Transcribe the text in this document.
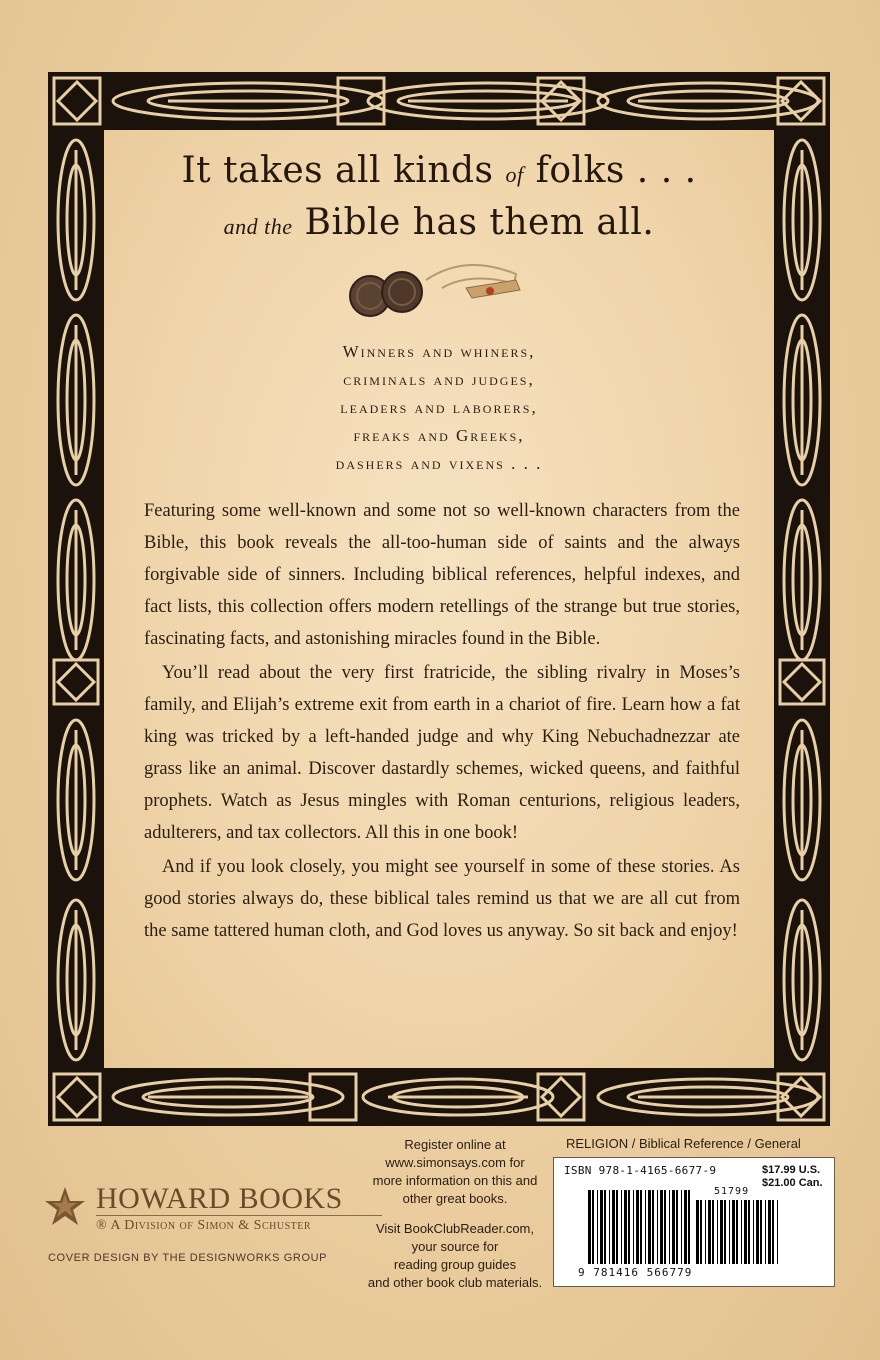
It takes all kinds of folks . . .
and the Bible has them all.
Winners and whiners,
criminals and judges,
leaders and laborers,
freaks and Greeks,
dashers and vixens . . .

Featuring some well-known and some not so well-known characters from the Bible, this book reveals the all-too-human side of saints and the always forgivable side of sinners. Including biblical references, helpful indexes, and fact lists, this collection offers modern retellings of the strange but true stories, fascinating facts, and astonishing miracles found in the Bible.

You’ll read about the very first fratricide, the sibling rivalry in Moses’s family, and Elijah’s extreme exit from earth in a chariot of fire. Learn how a fat king was tricked by a left-handed judge and why King Nebuchadnezzar ate grass like an animal. Discover dastardly schemes, wicked queens, and faithful prophets. Watch as Jesus mingles with Roman centurions, religious leaders, adulterers, and tax collectors. All this in one book!

And if you look closely, you might see yourself in some of these stories. As good stories always do, these biblical tales remind us that we are all cut from the same tattered human cloth, and God loves us anyway. So sit back and enjoy!

HOWARD BOOKS
® A Division of Simon & Schuster
COVER DESIGN BY THE DESIGNWORKS GROUP
Register online at
www.simonsays.com for
more information on this and
other great books.
Visit BookClubReader.com,
your source for
reading group guides
and other book club materials.
RELIGION / Biblical Reference / General
ISBN 978-1-4165-6677-9	$17.99 U.S.
$21.00 Can.
51799
9 781416 566779
